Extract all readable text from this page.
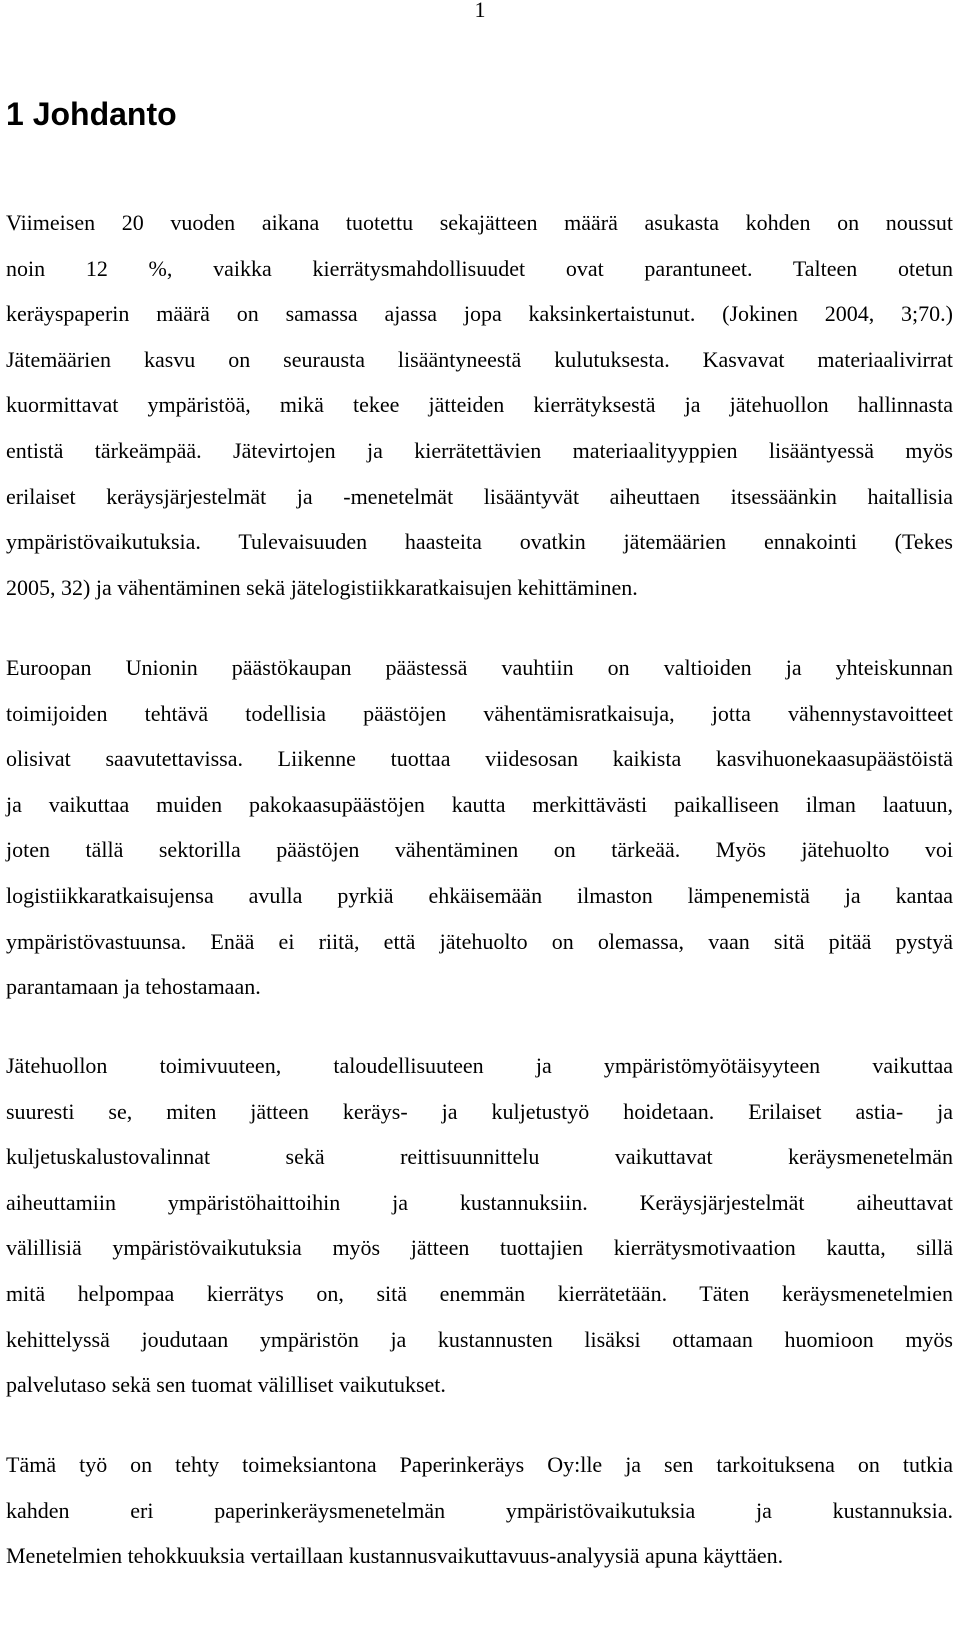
1
1 Johdanto

Viimeisen 20 vuoden aikana tuotettu sekajätteen määrä asukasta kohden on noussut
noin 12 %, vaikka kierrätysmahdollisuudet ovat parantuneet. Talteen otetun
keräyspaperin määrä on samassa ajassa jopa kaksinkertaistunut. (Jokinen 2004, 3;70.)
Jätemäärien kasvu on seurausta lisääntyneestä kulutuksesta. Kasvavat materiaalivirrat
kuormittavat ympäristöä, mikä tekee jätteiden kierrätyksestä ja jätehuollon hallinnasta
entistä tärkeämpää. Jätevirtojen ja kierrätettävien materiaalityyppien lisääntyessä myös
erilaiset keräysjärjestelmät ja -menetelmät lisääntyvät aiheuttaen itsessäänkin haitallisia
ympäristövaikutuksia. Tulevaisuuden haasteita ovatkin jätemäärien ennakointi (Tekes
2005, 32) ja vähentäminen sekä jätelogistiikkaratkaisujen kehittäminen.

Euroopan Unionin päästökaupan päästessä vauhtiin on valtioiden ja yhteiskunnan
toimijoiden tehtävä todellisia päästöjen vähentämisratkaisuja, jotta vähennystavoitteet
olisivat saavutettavissa. Liikenne tuottaa viidesosan kaikista kasvihuonekaasupäästöistä
ja vaikuttaa muiden pakokaasupäästöjen kautta merkittävästi paikalliseen ilman laatuun,
joten tällä sektorilla päästöjen vähentäminen on tärkeää. Myös jätehuolto voi
logistiikkaratkaisujensa avulla pyrkiä ehkäisemään ilmaston lämpenemistä ja kantaa
ympäristövastuunsa. Enää ei riitä, että jätehuolto on olemassa, vaan sitä pitää pystyä
parantamaan ja tehostamaan.

Jätehuollon toimivuuteen, taloudellisuuteen ja ympäristömyötäisyyteen vaikuttaa
suuresti se, miten jätteen keräys- ja kuljetustyö hoidetaan. Erilaiset astia- ja
kuljetuskalustovalinnat sekä reittisuunnittelu vaikuttavat keräysmenetelmän
aiheuttamiin ympäristöhaittoihin ja kustannuksiin. Keräysjärjestelmät aiheuttavat
välillisiä ympäristövaikutuksia myös jätteen tuottajien kierrätysmotivaation kautta, sillä
mitä helpompaa kierrätys on, sitä enemmän kierrätetään. Täten keräysmenetelmien
kehittelyssä joudutaan ympäristön ja kustannusten lisäksi ottamaan huomioon myös
palvelutaso sekä sen tuomat välilliset vaikutukset.

Tämä työ on tehty toimeksiantona Paperinkeräys Oy:lle ja sen tarkoituksena on tutkia
kahden eri paperinkeräysmenetelmän ympäristövaikutuksia ja kustannuksia.
Menetelmien tehokkuuksia vertaillaan kustannusvaikuttavuus-analyysiä apuna käyttäen.
